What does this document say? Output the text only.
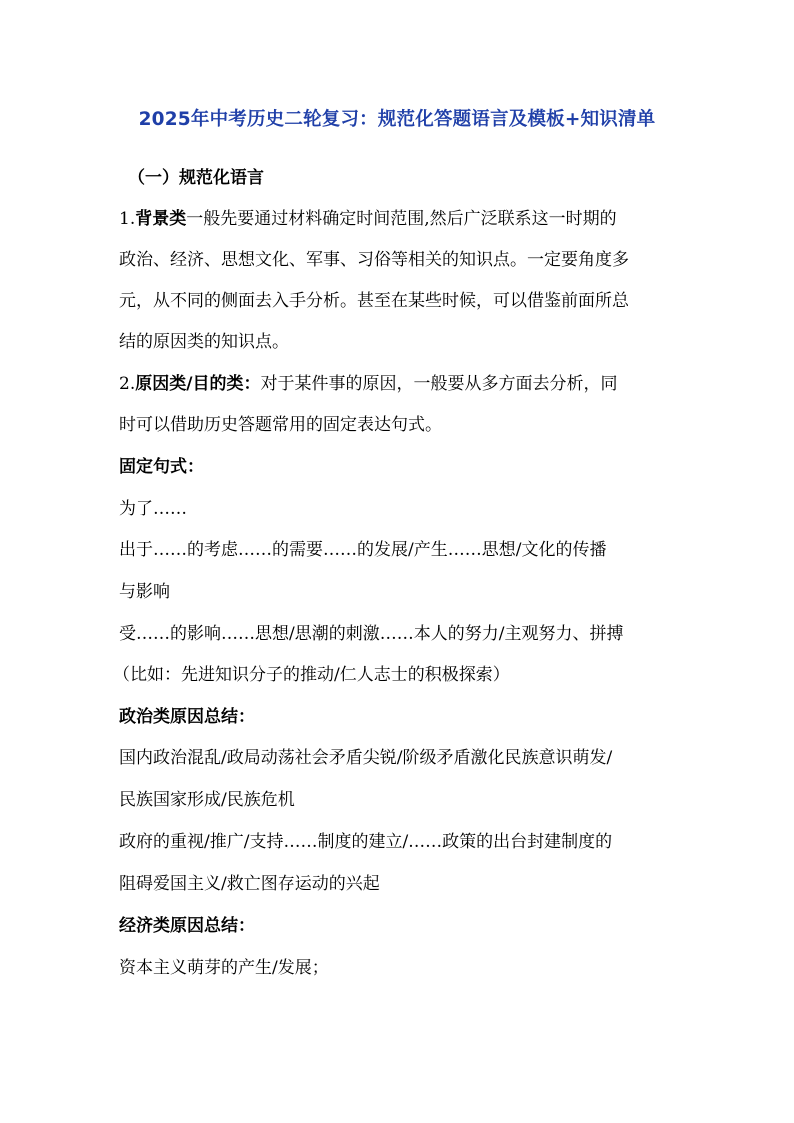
2025年中考历史二轮复习：规范化答题语言及模板+知识清单
（一）规范化语言
1.背景类一般先要通过材料确定时间范围,然后广泛联系这一时期的
政治、经济、思想文化、军事、习俗等相关的知识点。一定要角度多
元，从不同的侧面去入手分析。甚至在某些时候，可以借鉴前面所总
结的原因类的知识点。
2.原因类/目的类：对于某件事的原因，一般要从多方面去分析，同
时可以借助历史答题常用的固定表达句式。
固定句式：
为了……
出于……的考虑……的需要……的发展/产生……思想/文化的传播
与影响
受……的影响……思想/思潮的刺激……本人的努力/主观努力、拼搏
（比如：先进知识分子的推动/仁人志士的积极探索）
政治类原因总结：
国内政治混乱/政局动荡社会矛盾尖锐/阶级矛盾激化民族意识萌发/
民族国家形成/民族危机
政府的重视/推广/支持……制度的建立/……政策的出台封建制度的
阻碍爱国主义/救亡图存运动的兴起
经济类原因总结：
资本主义萌芽的产生/发展；
